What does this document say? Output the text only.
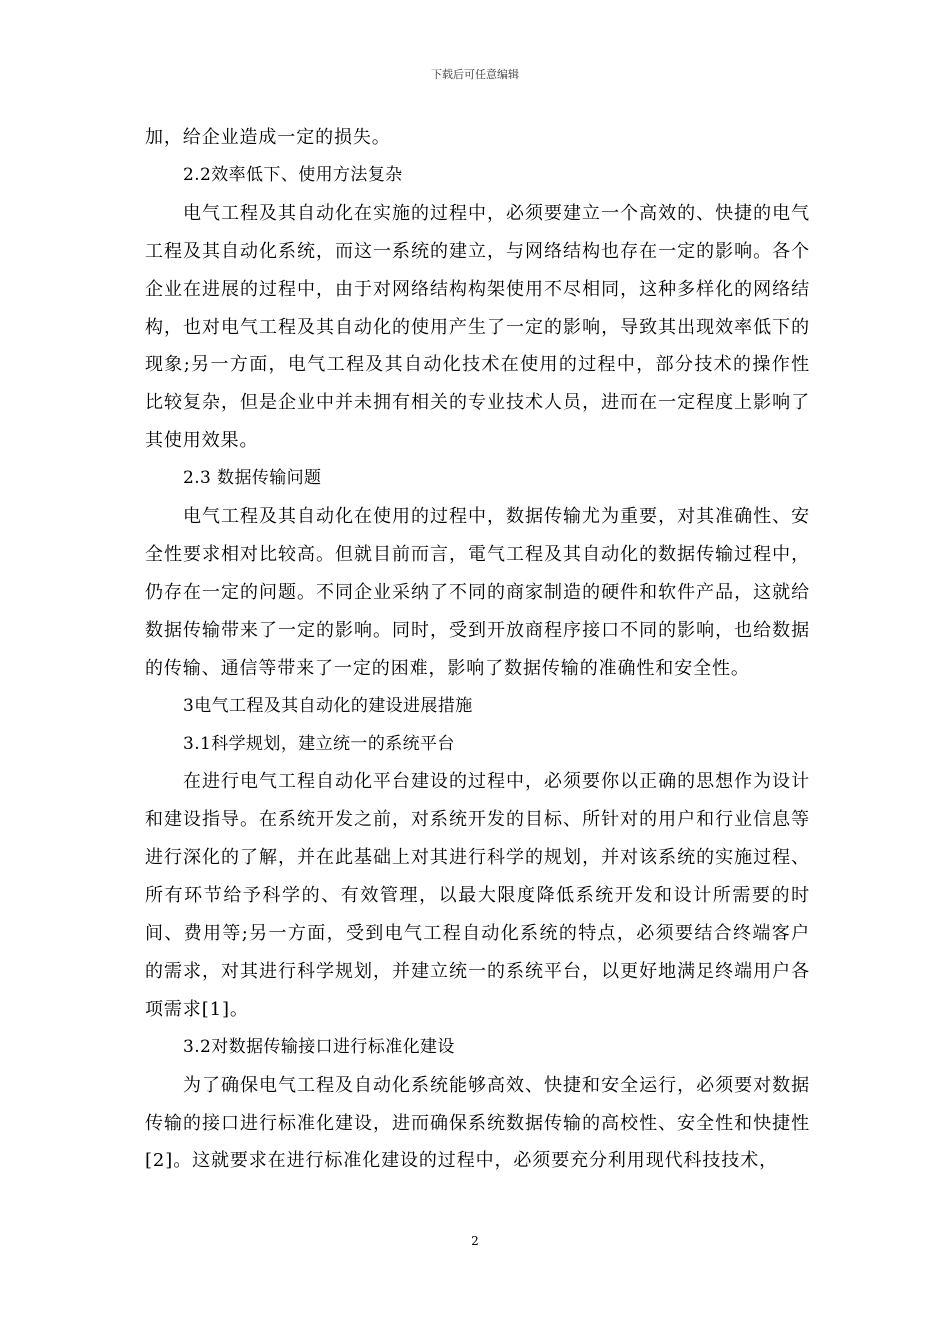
下载后可任意编辑

加，给企业造成一定的损失。

2.2效率低下、使用方法复杂

电气工程及其自动化在实施的过程中，必须要建立一个高效的、快捷的电气工程及其自动化系统，而这一系统的建立，与网络结构也存在一定的影响。各个企业在进展的过程中，由于对网络结构构架使用不尽相同，这种多样化的网络结构，也对电气工程及其自动化的使用产生了一定的影响，导致其出现效率低下的现象;另一方面，电气工程及其自动化技术在使用的过程中，部分技术的操作性比较复杂，但是企业中并未拥有相关的专业技术人员，进而在一定程度上影响了其使用效果。

2.3 数据传输问题

电气工程及其自动化在使用的过程中，数据传输尤为重要，对其准确性、安全性要求相对比较高。但就目前而言，電气工程及其自动化的数据传输过程中，仍存在一定的问题。不同企业采纳了不同的商家制造的硬件和软件产品，这就给数据传输带来了一定的影响。同时，受到开放商程序接口不同的影响，也给数据的传输、通信等带来了一定的困难，影响了数据传输的准确性和安全性。

3电气工程及其自动化的建设进展措施

3.1科学规划，建立统一的系统平台

在进行电气工程自动化平台建设的过程中，必须要你以正确的思想作为设计和建设指导。在系统开发之前，对系统开发的目标、所针对的用户和行业信息等进行深化的了解，并在此基础上对其进行科学的规划，并对该系统的实施过程、所有环节给予科学的、有效管理，以最大限度降低系统开发和设计所需要的时间、费用等;另一方面，受到电气工程自动化系统的特点，必须要结合终端客户的需求，对其进行科学规划，并建立统一的系统平台，以更好地满足终端用户各项需求[1]。

3.2对数据传输接口进行标准化建设

为了确保电气工程及自动化系统能够高效、快捷和安全运行，必须要对数据传输的接口进行标准化建设，进而确保系统数据传输的高校性、安全性和快捷性[2]。这就要求在进行标准化建设的过程中，必须要充分利用现代科技技术，

2
